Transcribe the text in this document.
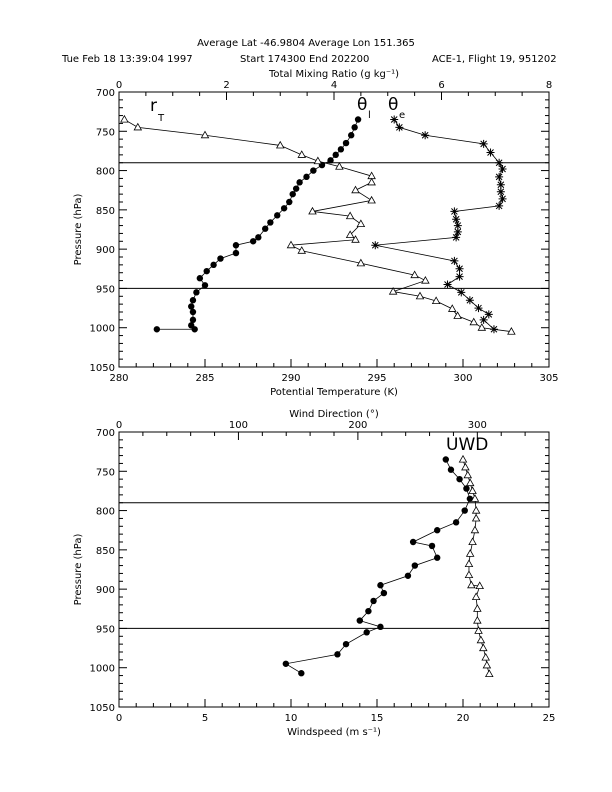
Average Lat -46.9804 Average Lon 151.365
Tue Feb 18 13:39:04 1997	Start 174300 End 202200	ACE-1, Flight 19, 951202
280	285	290	295	300	305
0	2	4	6	8
700
750
800
850
900
950
1000
1050
Potential Temperature (K)
Total Mixing Ratio (g kg⁻¹)
Pressure (hPa)
r
T
θ
l
θ
e
0	5	10	15	20	25
0	100	200	300
700
750
800
850
900
950
1000
1050
Windspeed (m s⁻¹)
Wind Direction (°)
Pressure (hPa)
UWD
